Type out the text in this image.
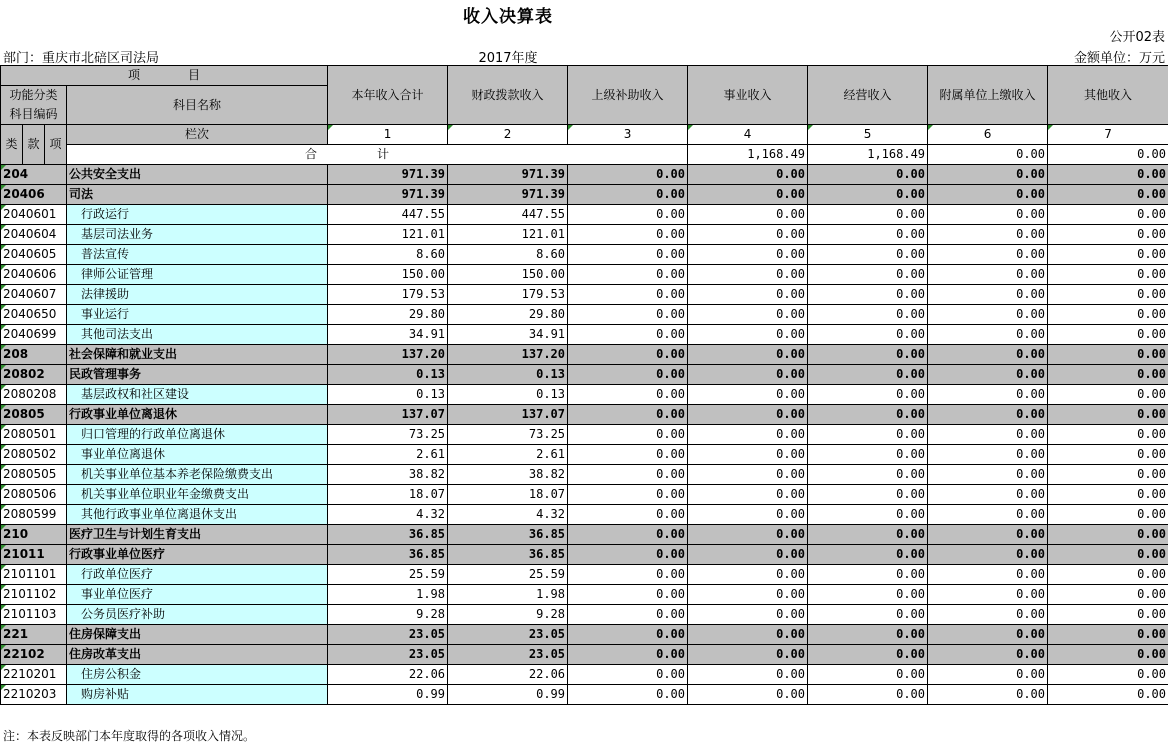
收入决算表
公开02表
部门：重庆市北碚区司法局	2017年度	金额单位：万元
项　　　　目				本年收入合计	财政拨款收入	上级补助收入	事业收入	经营收入	附属单位上缴收入	其他收入	
功能分类科目编码			科目名称								
类	款	项	栏次	1	2	3	4	5	6	7	
			合计				1,168.49	1,168.49	0.00	0.00			
204			公共安全支出	971.39	971.39	0.00	0.00	0.00	0.00	0.00	
20406			司法	971.39	971.39	0.00	0.00	0.00	0.00	0.00	
2040601			行政运行	447.55	447.55	0.00	0.00	0.00	0.00	0.00	
2040604			基层司法业务	121.01	121.01	0.00	0.00	0.00	0.00	0.00	
2040605			普法宣传	8.60	8.60	0.00	0.00	0.00	0.00	0.00	
2040606			律师公证管理	150.00	150.00	0.00	0.00	0.00	0.00	0.00	
2040607			法律援助	179.53	179.53	0.00	0.00	0.00	0.00	0.00	
2040650			事业运行	29.80	29.80	0.00	0.00	0.00	0.00	0.00	
2040699			其他司法支出	34.91	34.91	0.00	0.00	0.00	0.00	0.00	
208			社会保障和就业支出	137.20	137.20	0.00	0.00	0.00	0.00	0.00	
20802			民政管理事务	0.13	0.13	0.00	0.00	0.00	0.00	0.00	
2080208			基层政权和社区建设	0.13	0.13	0.00	0.00	0.00	0.00	0.00	
20805			行政事业单位离退休	137.07	137.07	0.00	0.00	0.00	0.00	0.00	
2080501			归口管理的行政单位离退休	73.25	73.25	0.00	0.00	0.00	0.00	0.00	
2080502			事业单位离退休	2.61	2.61	0.00	0.00	0.00	0.00	0.00	
2080505			机关事业单位基本养老保险缴费支出	38.82	38.82	0.00	0.00	0.00	0.00	0.00	
2080506			机关事业单位职业年金缴费支出	18.07	18.07	0.00	0.00	0.00	0.00	0.00	
2080599			其他行政事业单位离退休支出	4.32	4.32	0.00	0.00	0.00	0.00	0.00	
210			医疗卫生与计划生育支出	36.85	36.85	0.00	0.00	0.00	0.00	0.00	
21011			行政事业单位医疗	36.85	36.85	0.00	0.00	0.00	0.00	0.00	
2101101			行政单位医疗	25.59	25.59	0.00	0.00	0.00	0.00	0.00	
2101102			事业单位医疗	1.98	1.98	0.00	0.00	0.00	0.00	0.00	
2101103			公务员医疗补助	9.28	9.28	0.00	0.00	0.00	0.00	0.00	
221			住房保障支出	23.05	23.05	0.00	0.00	0.00	0.00	0.00	
22102			住房改革支出	23.05	23.05	0.00	0.00	0.00	0.00	0.00	
2210201			住房公积金	22.06	22.06	0.00	0.00	0.00	0.00	0.00	
2210203			购房补贴	0.99	0.99	0.00	0.00	0.00	0.00	0.00	
注：本表反映部门本年度取得的各项收入情况。
